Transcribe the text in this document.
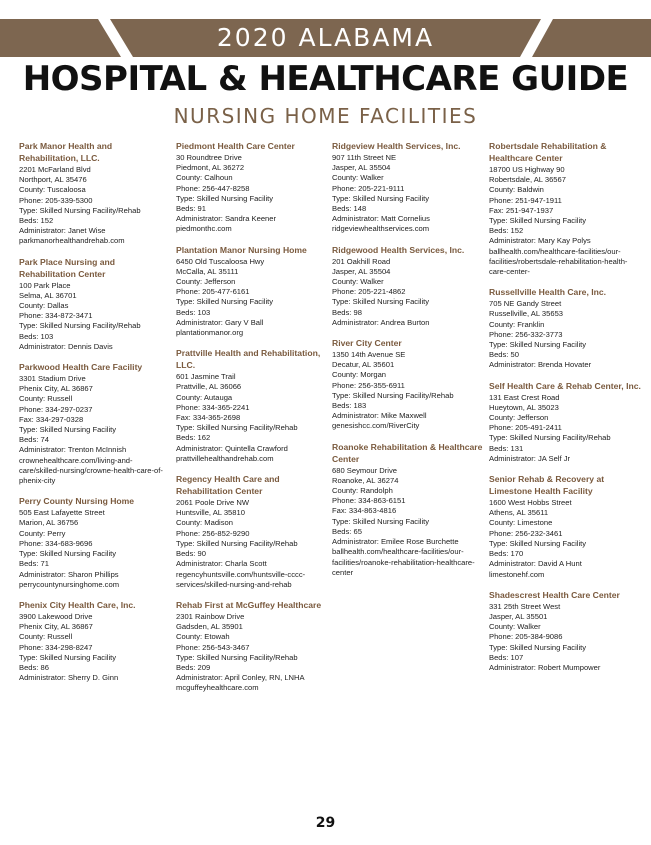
2020 ALABAMA
HOSPITAL & HEALTHCARE GUIDE
NURSING HOME FACILITIES
Park Manor Health and Rehabilitation, LLC.
2201 McFarland Blvd
Northport, AL 35476
County: Tuscaloosa
Phone: 205-339-5300
Type: Skilled Nursing Facility/Rehab
Beds: 152
Administrator: Janet Wise
parkmanorhealthandrehab.com
Park Place Nursing and Rehabilitation Center
100 Park Place
Selma, AL 36701
County: Dallas
Phone: 334-872-3471
Type: Skilled Nursing Facility/Rehab
Beds: 103
Administrator: Dennis Davis
Parkwood Health Care Facility
3301 Stadium Drive
Phenix City, AL 36867
County: Russell
Phone: 334-297-0237
Fax: 334-297-0328
Type: Skilled Nursing Facility
Beds: 74
Administrator: Trenton McInnish
crownehealthcare.com/living-and-care/skilled-nursing/crowne-health-care-of-phenix-city
Perry County Nursing Home
505 East Lafayette Street
Marion, AL 36756
County: Perry
Phone: 334-683-9696
Type: Skilled Nursing Facility
Beds: 71
Administrator: Sharon Phillips
perrycountynursinghome.com
Phenix City Health Care, Inc.
3900 Lakewood Drive
Phenix City, AL 36867
County: Russell
Phone: 334-298-8247
Type: Skilled Nursing Facility
Beds: 86
Administrator: Sherry D. Ginn
Piedmont Health Care Center
30 Roundtree Drive
Piedmont, AL 36272
County: Calhoun
Phone: 256-447-8258
Type: Skilled Nursing Facility
Beds: 91
Administrator: Sandra Keener
piedmonthc.com
Plantation Manor Nursing Home
6450 Old Tuscaloosa Hwy
McCalla, AL 35111
County: Jefferson
Phone: 205-477-6161
Type: Skilled Nursing Facility
Beds: 103
Administrator: Gary V Ball
plantationmanor.org
Prattville Health and Rehabilitation, LLC.
601 Jasmine Trail
Prattville, AL 36066
County: Autauga
Phone: 334-365-2241
Fax: 334-365-2698
Type: Skilled Nursing Facility/Rehab
Beds: 162
Administrator: Quintella Crawford
prattvillehealthandrehab.com
Regency Health Care and Rehabilitation Center
2061 Poole Drive NW
Huntsville, AL 35810
County: Madison
Phone: 256-852-9290
Type: Skilled Nursing Facility/Rehab
Beds: 90
Administrator: Charla Scott
regencyhuntsville.com/huntsville-cccc-services/skilled-nursing-and-rehab
Rehab First at McGuffey Healthcare
2301 Rainbow Drive
Gadsden, AL 35901
County: Etowah
Phone: 256-543-3467
Type: Skilled Nursing Facility/Rehab
Beds: 209
Administrator: April Conley, RN, LNHA
mcguffeyhealthcare.com
Ridgeview Health Services, Inc.
907 11th Street NE
Jasper, AL 35504
County: Walker
Phone: 205-221-9111
Type: Skilled Nursing Facility
Beds: 148
Administrator: Matt Cornelius
ridgeviewhealthservices.com
Ridgewood Health Services, Inc.
201 Oakhill Road
Jasper, AL 35504
County: Walker
Phone: 205-221-4862
Type: Skilled Nursing Facility
Beds: 98
Administrator: Andrea Burton
River City Center
1350 14th Avenue SE
Decatur, AL 35601
County: Morgan
Phone: 256-355-6911
Type: Skilled Nursing Facility/Rehab
Beds: 183
Administrator: Mike Maxwell
genesishcc.com/RiverCity
Roanoke Rehabilitation & Healthcare Center
680 Seymour Drive
Roanoke, AL 36274
County: Randolph
Phone: 334-863-6151
Fax: 334-863-4816
Type: Skilled Nursing Facility
Beds: 65
Administrator: Emilee Rose Burchette
ballhealth.com/healthcare-facilities/our-facilities/roanoke-rehabilitation-healthcare-center
Robertsdale Rehabilitation & Healthcare Center
18700 US Highway 90
Robertsdale, AL 36567
County: Baldwin
Phone: 251-947-1911
Fax: 251-947-1937
Type: Skilled Nursing Facility
Beds: 152
Administrator: Mary Kay Polys
ballhealth.com/healthcare-facilities/our-facilities/robertsdale-rehabilitation-health-care-center-
Russellville Health Care, Inc.
705 NE Gandy Street
Russellville, AL 35653
County: Franklin
Phone: 256-332-3773
Type: Skilled Nursing Facility
Beds: 50
Administrator: Brenda Hovater
Self Health Care & Rehab Center, Inc.
131 East Crest Road
Hueytown, AL 35023
County: Jefferson
Phone: 205-491-2411
Type: Skilled Nursing Facility/Rehab
Beds: 131
Administrator: JA Self Jr
Senior Rehab & Recovery at Limestone Health Facility
1600 West Hobbs Street
Athens, AL 35611
County: Limestone
Phone: 256-232-3461
Type: Skilled Nursing Facility
Beds: 170
Administrator: David A Hunt
limestonehf.com
Shadescrest Health Care Center
331 25th Street West
Jasper, AL 35501
County: Walker
Phone: 205-384-9086
Type: Skilled Nursing Facility
Beds: 107
Administrator: Robert Mumpower
29
